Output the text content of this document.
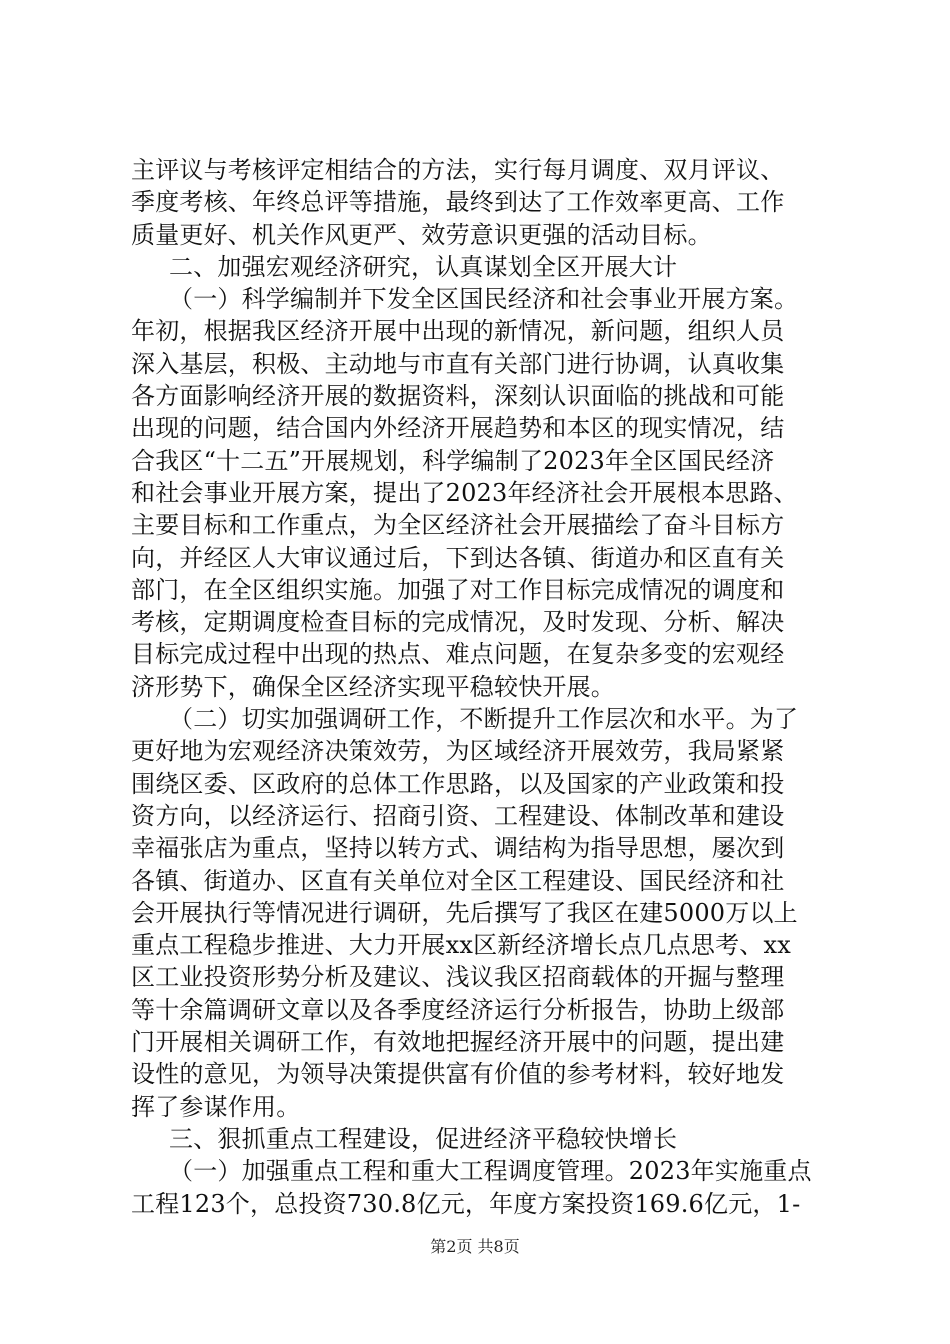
主评议与考核评定相结合的方法，实行每月调度、双月评议、
季度考核、年终总评等措施，最终到达了工作效率更高、工作
质量更好、机关作风更严、效劳意识更强的活动目标。
二、加强宏观经济研究，认真谋划全区开展大计
（一）科学编制并下发全区国民经济和社会事业开展方案。
年初，根据我区经济开展中出现的新情况，新问题，组织人员
深入基层，积极、主动地与市直有关部门进行协调，认真收集
各方面影响经济开展的数据资料，深刻认识面临的挑战和可能
出现的问题，结合国内外经济开展趋势和本区的现实情况，结
合我区“十二五”开展规划，科学编制了2023年全区国民经济
和社会事业开展方案，提出了2023年经济社会开展根本思路、
主要目标和工作重点，为全区经济社会开展描绘了奋斗目标方
向，并经区人大审议通过后，下到达各镇、街道办和区直有关
部门，在全区组织实施。加强了对工作目标完成情况的调度和
考核，定期调度检查目标的完成情况，及时发现、分析、解决
目标完成过程中出现的热点、难点问题，在复杂多变的宏观经
济形势下，确保全区经济实现平稳较快开展。
（二）切实加强调研工作，不断提升工作层次和水平。为了
更好地为宏观经济决策效劳，为区域经济开展效劳，我局紧紧
围绕区委、区政府的总体工作思路，以及国家的产业政策和投
资方向，以经济运行、招商引资、工程建设、体制改革和建设
幸福张店为重点，坚持以转方式、调结构为指导思想，屡次到
各镇、街道办、区直有关单位对全区工程建设、国民经济和社
会开展执行等情况进行调研，先后撰写了我区在建5000万以上
重点工程稳步推进、大力开展xx区新经济增长点几点思考、xx
区工业投资形势分析及建议、浅议我区招商载体的开掘与整理
等十余篇调研文章以及各季度经济运行分析报告，协助上级部
门开展相关调研工作，有效地把握经济开展中的问题，提出建
设性的意见，为领导决策提供富有价值的参考材料，较好地发
挥了参谋作用。
三、狠抓重点工程建设，促进经济平稳较快增长
（一）加强重点工程和重大工程调度管理。2023年实施重点
工程123个，总投资730.8亿元，年度方案投资169.6亿元，1-
第2页 共8页
